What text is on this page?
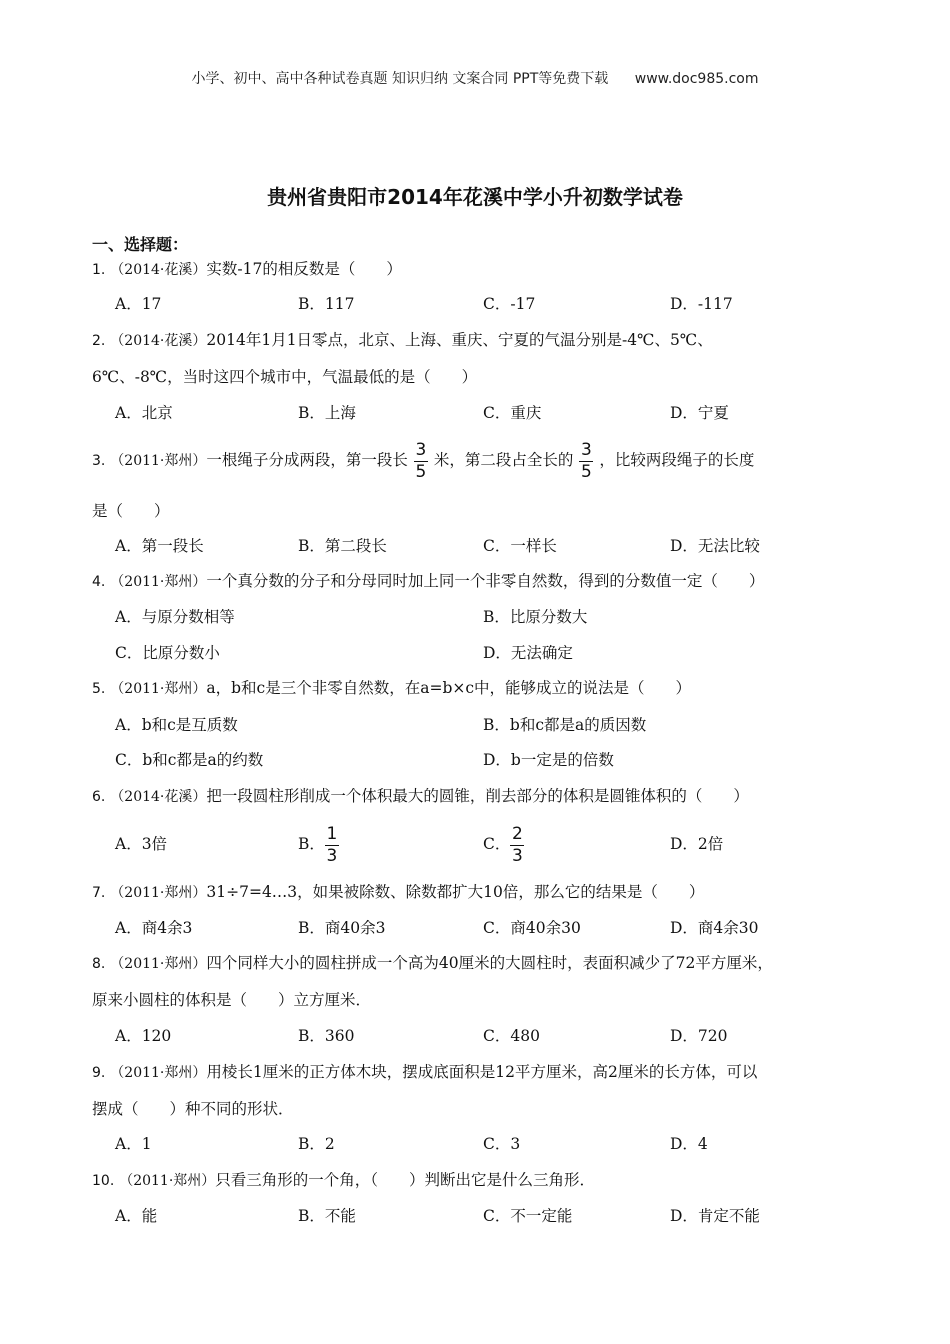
小学、初中、高中各种试卷真题 知识归纳 文案合同 PPT等免费下载 www.doc985.com
贵州省贵阳市2014年花溪中学小升初数学试卷
一、选择题：
1. （2014·花溪）实数-17的相反数是（　　）
A．17	B．117	C．-17	D．-117
2. （2014·花溪）2014年1月1日零点，北京、上海、重庆、宁夏的气温分别是-4℃、5℃、
6℃、-8℃，当时这四个城市中，气温最低的是（　　）
A．北京	B．上海	C．重庆	D．宁夏
3. （2011·郑州）一根绳子分成两段，第一段长 $\frac{3}{5}$ 米，第二段占全长的 $\frac{3}{5}$ ，比较两段绳子的长度
是（　　）
A．第一段长	B．第二段长	C．一样长	D．无法比较
4. （2011·郑州）一个真分数的分子和分母同时加上同一个非零自然数，得到的分数值一定（　　）
A．与原分数相等	B．比原分数大
C．比原分数小	D．无法确定
5. （2011·郑州）a，b和c是三个非零自然数，在a=b×c中，能够成立的说法是（　　）
A．b和c是互质数	B．b和c都是a的质因数
C．b和c都是a的约数	D．b一定是的倍数
6. （2014·花溪）把一段圆柱形削成一个体积最大的圆锥，削去部分的体积是圆锥体积的（　　）
A．3倍	B． $\frac{1}{3}$	C． $\frac{2}{3}$	D．2倍
7. （2011·郑州）31÷7=4…3，如果被除数、除数都扩大10倍，那么它的结果是（　　）
A．商4余3	B．商40余3	C．商40余30	D．商4余30
8. （2011·郑州）四个同样大小的圆柱拼成一个高为40厘米的大圆柱时，表面积减少了72平方厘米，
原来小圆柱的体积是（　　）立方厘米．
A．120	B．360	C．480	D．720
9. （2011·郑州）用棱长1厘米的正方体木块，摆成底面积是12平方厘米，高2厘米的长方体，可以
摆成（　　）种不同的形状．
A．1	B．2	C．3	D．4
10. （2011·郑州）只看三角形的一个角，（　　）判断出它是什么三角形．
A．能	B．不能	C．不一定能	D．肯定不能
